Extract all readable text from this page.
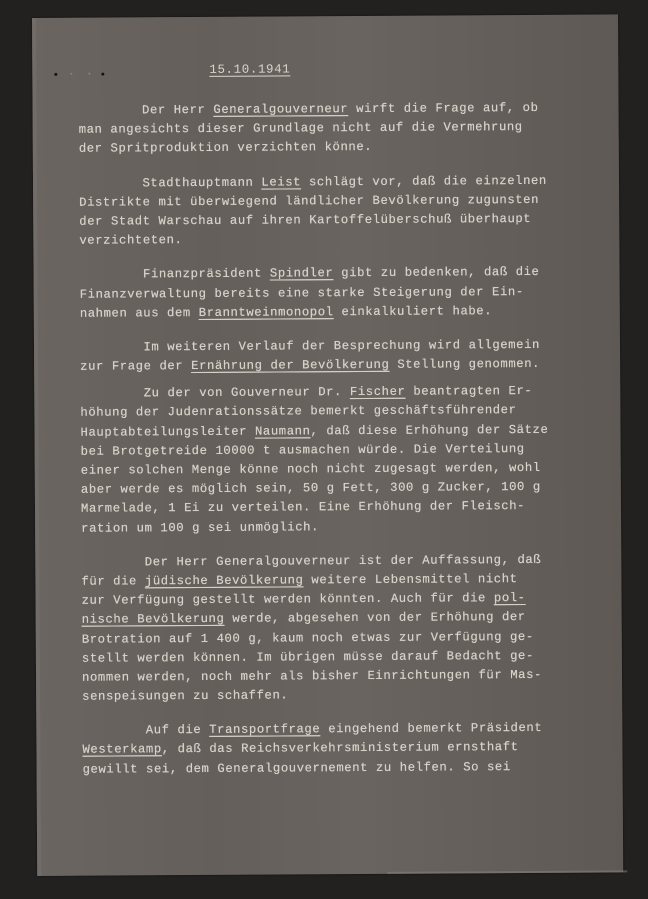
15.10.1941
Der Herr Generalgouverneur wirft die Frage auf, ob
man angesichts dieser Grundlage nicht auf die Vermehrung
der Spritproduktion verzichten könne.
Stadthauptmann Leist schlägt vor, daß die einzelnen
Distrikte mit überwiegend ländlicher Bevölkerung zugunsten
der Stadt Warschau auf ihren Kartoffelüberschuß überhaupt
verzichteten.
Finanzpräsident Spindler gibt zu bedenken, daß die
Finanzverwaltung bereits eine starke Steigerung der Ein-
nahmen aus dem Branntweinmonopol einkalkuliert habe.
Im weiteren Verlauf der Besprechung wird allgemein
zur Frage der Ernährung der Bevölkerung Stellung genommen.
Zu der von Gouverneur Dr. Fischer beantragten Er-
höhung der Judenrationssätze bemerkt geschäftsführender
Hauptabteilungsleiter Naumann, daß diese Erhöhung der Sätze
bei Brotgetreide 10000 t ausmachen würde. Die Verteilung
einer solchen Menge könne noch nicht zugesagt werden, wohl
aber werde es möglich sein, 50 g Fett, 300 g Zucker, 100 g
Marmelade, 1 Ei zu verteilen. Eine Erhöhung der Fleisch-
ration um 100 g sei unmöglich.
Der Herr Generalgouverneur ist der Auffassung, daß
für die jüdische Bevölkerung weitere Lebensmittel nicht
zur Verfügung gestellt werden könnten. Auch für die pol-
nische Bevölkerung werde, abgesehen von der Erhöhung der
Brotration auf 1 400 g, kaum noch etwas zur Verfügung ge-
stellt werden können. Im übrigen müsse darauf Bedacht ge-
nommen werden, noch mehr als bisher Einrichtungen für Mas-
senspeisungen zu schaffen.
Auf die Transportfrage eingehend bemerkt Präsident
Westerkamp, daß das Reichsverkehrsministerium ernsthaft
gewillt sei, dem Generalgouvernement zu helfen. So sei
